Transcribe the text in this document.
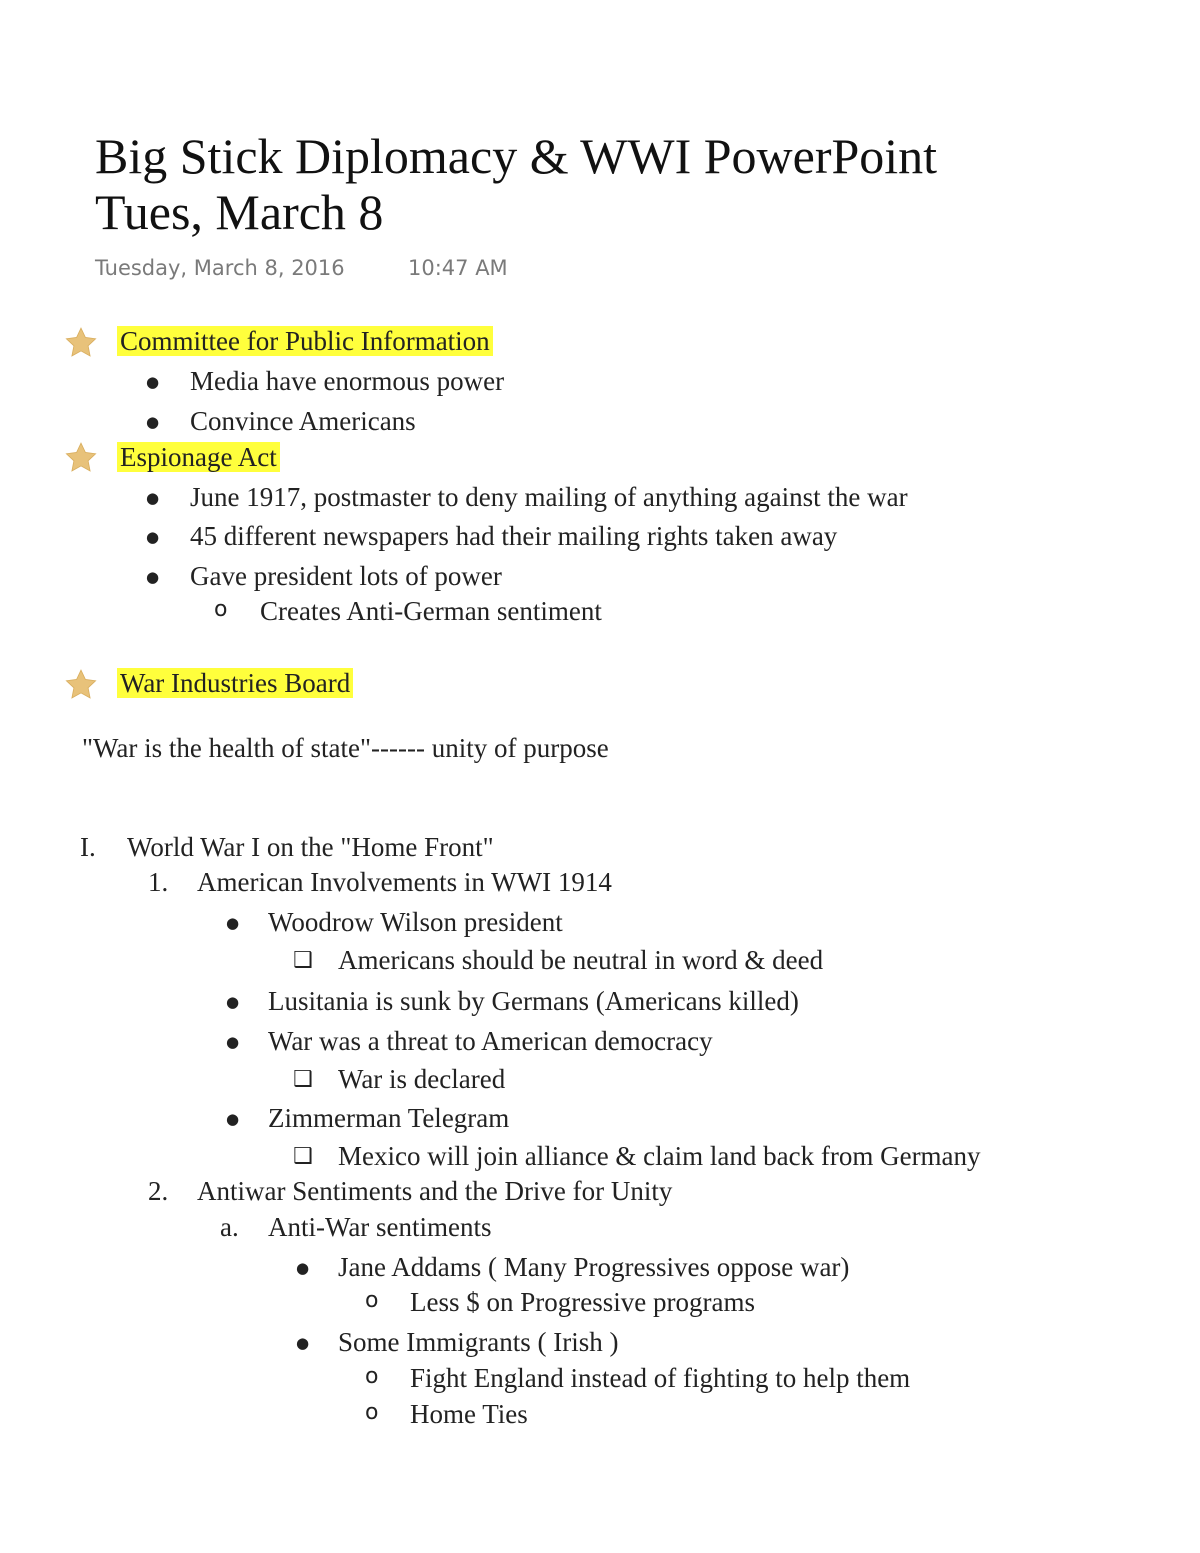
Big Stick Diplomacy & WWI PowerPoint
Tues, March 8
Tuesday, March 8, 2016	10:47 AM
Committee for Public Information
● Media have enormous power
● Convince Americans
Espionage Act
● June 1917, postmaster to deny mailing of anything against the war
● 45 different newspapers had their mailing rights taken away
● Gave president lots of power
o Creates Anti-German sentiment
War Industries Board
"War is the health of state"------ unity of purpose
I. World War I on the "Home Front"
1. American Involvements in WWI 1914
● Woodrow Wilson president
❑ Americans should be neutral in word & deed
● Lusitania is sunk by Germans (Americans killed)
● War was a threat to American democracy
❑ War is declared
● Zimmerman Telegram
❑ Mexico will join alliance & claim land back from Germany
2. Antiwar Sentiments and the Drive for Unity
a. Anti-War sentiments
● Jane Addams ( Many Progressives oppose war)
o Less $ on Progressive programs
● Some Immigrants ( Irish )
o Fight England instead of fighting to help them
o Home Ties
